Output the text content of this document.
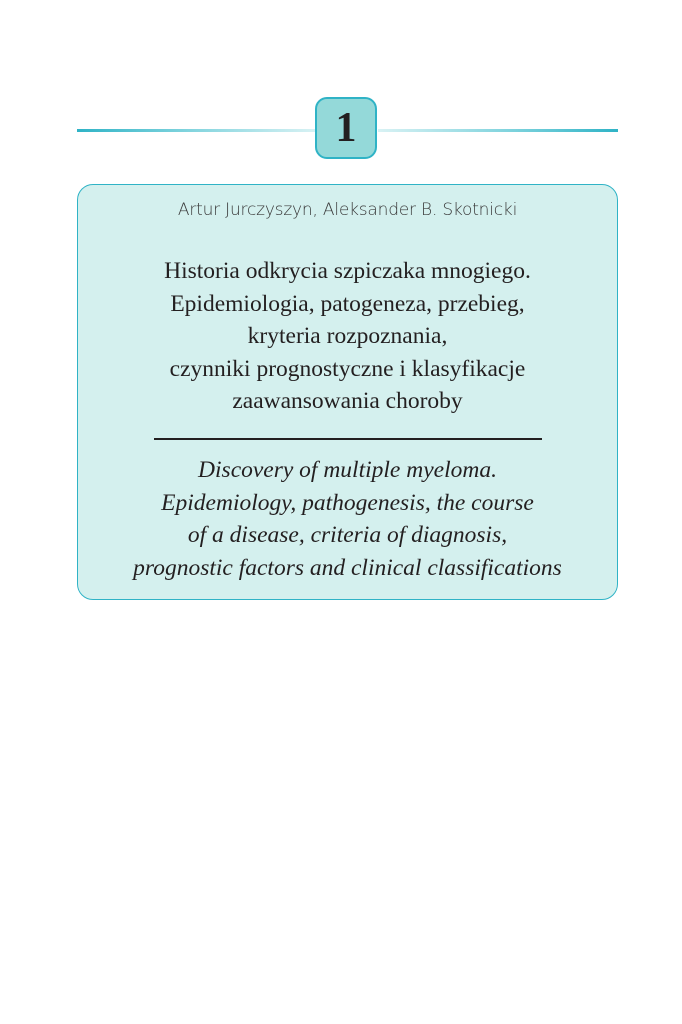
1
Artur Jurczyszyn, Aleksander B. Skotnicki
Historia odkrycia szpiczaka mnogiego.
Epidemiologia, patogeneza, przebieg,
kryteria rozpoznania,
czynniki prognostyczne i klasyfikacje
zaawansowania choroby
Discovery of multiple myeloma.
Epidemiology, pathogenesis, the course
of a disease, criteria of diagnosis,
prognostic factors and clinical classifications
